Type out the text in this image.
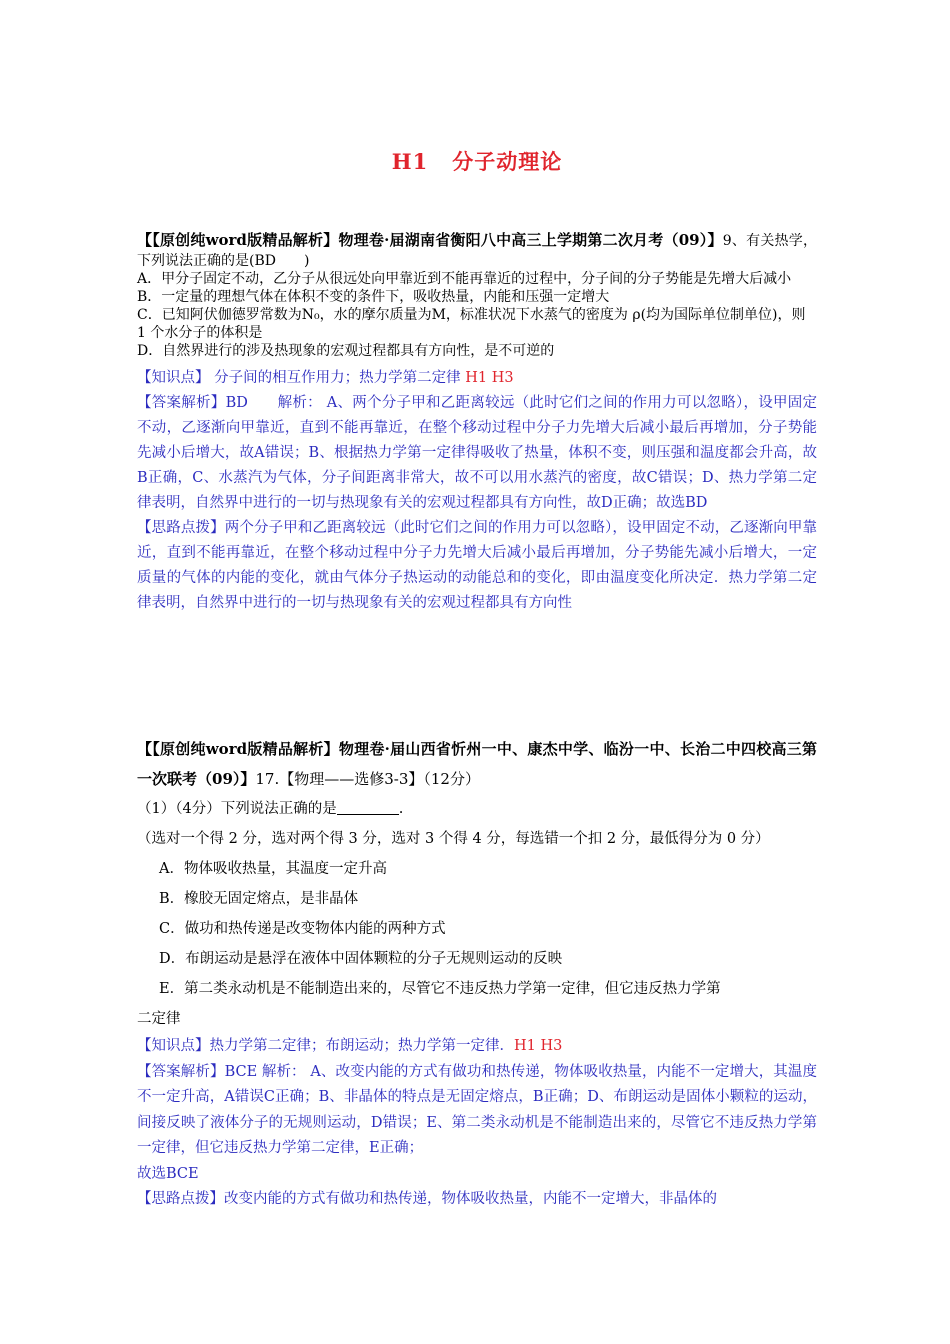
H1 分子动理论

【【原创纯word版精品解析】物理卷·届湖南省衡阳八中高三上学期第二次月考（09）】9、有关热学，下列说法正确的是(BD　　)

A．甲分子固定不动，乙分子从很远处向甲靠近到不能再靠近的过程中，分子间的分子势能是先增大后减小

B．一定量的理想气体在体积不变的条件下，吸收热量，内能和压强一定增大

C．已知阿伏伽德罗常数为N₀，水的摩尔质量为M，标准状况下水蒸气的密度为 ρ(均为国际单位制单位)，则 1 个水分子的体积是

D．自然界进行的涉及热现象的宏观过程都具有方向性，是不可逆的

【知识点】 分子间的相互作用力；热力学第二定律 H1 H3

【答案解析】BD　　解析： A、两个分子甲和乙距离较远（此时它们之间的作用力可以忽略），设甲固定不动，乙逐渐向甲靠近，直到不能再靠近，在整个移动过程中分子力先增大后减小最后再增加，分子势能先减小后增大，故A错误；B、根据热力学第一定律得吸收了热量，体积不变，则压强和温度都会升高，故B正确，C、水蒸汽为气体，分子间距离非常大，故不可以用水蒸汽的密度，故C错误；D、热力学第二定律表明，自然界中进行的一切与热现象有关的宏观过程都具有方向性，故D正确；故选BD

【思路点拨】两个分子甲和乙距离较远（此时它们之间的作用力可以忽略），设甲固定不动，乙逐渐向甲靠近，直到不能再靠近，在整个移动过程中分子力先增大后减小最后再增加，分子势能先减小后增大，一定质量的气体的内能的变化，就由气体分子热运动的动能总和的变化，即由温度变化所决定．热力学第二定律表明，自然界中进行的一切与热现象有关的宏观过程都具有方向性

【【原创纯word版精品解析】物理卷·届山西省忻州一中、康杰中学、临汾一中、长治二中四校高三第一次联考（09）】17.【物理——选修3-3】（12分）

（1）（4分）下列说法正确的是	.

（选对一个得 2 分，选对两个得 3 分，选对 3 个得 4 分，每选错一个扣 2 分，最低得分为 0 分）

A．物体吸收热量，其温度一定升高

B．橡胶无固定熔点，是非晶体

C．做功和热传递是改变物体内能的两种方式

D．布朗运动是悬浮在液体中固体颗粒的分子无规则运动的反映

E．第二类永动机是不能制造出来的，尽管它不违反热力学第一定律，但它违反热力学第

二定律

【知识点】热力学第二定律；布朗运动；热力学第一定律．H1 H3

【答案解析】BCE 解析： A、改变内能的方式有做功和热传递，物体吸收热量，内能不一定增大，其温度不一定升高，A错误C正确；B、非晶体的特点是无固定熔点，B正确；D、布朗运动是固体小颗粒的运动，间接反映了液体分子的无规则运动，D错误；E、第二类永动机是不能制造出来的，尽管它不违反热力学第一定律，但它违反热力学第二定律，E正确；

故选BCE

【思路点拨】改变内能的方式有做功和热传递，物体吸收热量，内能不一定增大，非晶体的
